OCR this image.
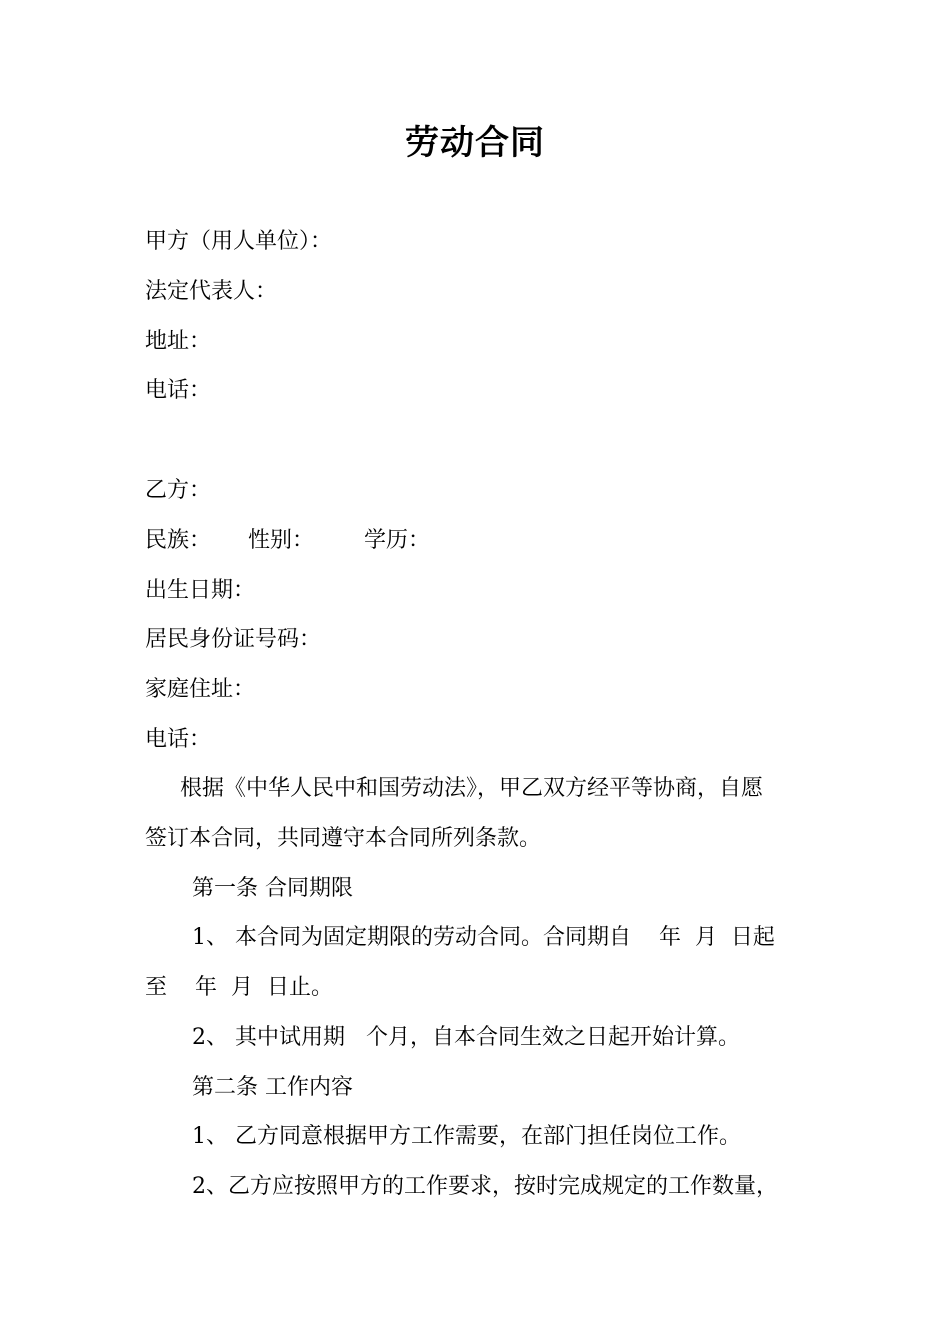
劳动合同
甲方（用人单位）：
法定代表人：
地址：
电话：
乙方：
民族： 性别： 学历：
出生日期：
居民身份证号码：
家庭住址：
电话：
根据《中华人民中和国劳动法》，甲乙双方经平等协商，自愿
签订本合同，共同遵守本合同所列条款。
第一条 合同期限
1、 本合同为固定期限的劳动合同。合同期自    年  月  日起
至    年  月  日止。
2、 其中试用期   个月，自本合同生效之日起开始计算。
第二条 工作内容
1、 乙方同意根据甲方工作需要，在部门担任岗位工作。
2、乙方应按照甲方的工作要求，按时完成规定的工作数量，
